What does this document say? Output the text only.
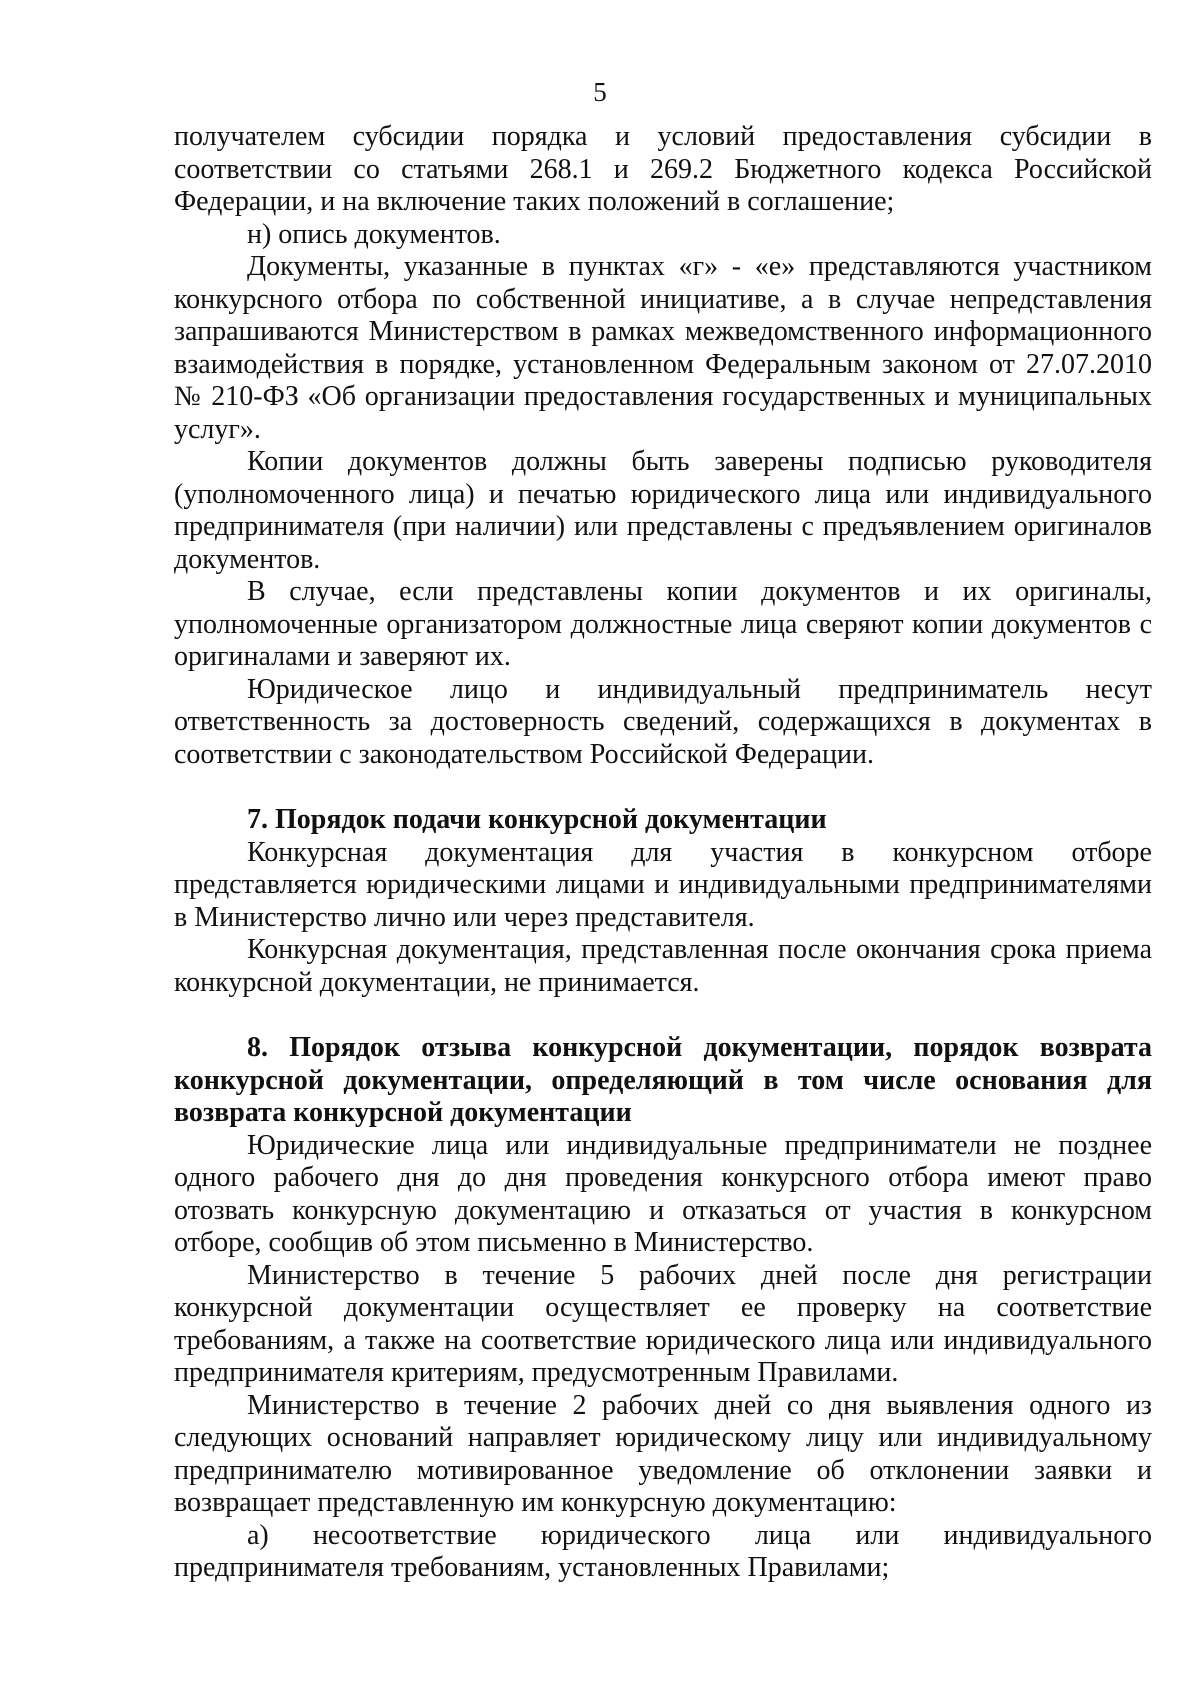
5

получателем субсидии порядка и условий предоставления субсидии в соответствии со статьями 268.1 и 269.2 Бюджетного кодекса Российской Федерации, и на включение таких положений в соглашение;

н) опись документов.

Документы, указанные в пунктах «г» - «е» представляются участником конкурсного отбора по собственной инициативе, а в случае непредставления запрашиваются Министерством в рамках межведомственного информационного взаимодействия в порядке, установленном Федеральным законом от 27.07.2010 № 210-ФЗ «Об организации предоставления государственных и муниципальных услуг».

Копии документов должны быть заверены подписью руководителя (уполномоченного лица) и печатью юридического лица или индивидуального предпринимателя (при наличии) или представлены с предъявлением оригиналов документов.

В случае, если представлены копии документов и их оригиналы, уполномоченные организатором должностные лица сверяют копии документов с оригиналами и заверяют их.

Юридическое лицо и индивидуальный предприниматель несут ответственность за достоверность сведений, содержащихся в документах в соответствии с законодательством Российской Федерации.

7. Порядок подачи конкурсной документации

Конкурсная документация для участия в конкурсном отборе представляется юридическими лицами и индивидуальными предпринимателями в Министерство лично или через представителя.

Конкурсная документация, представленная после окончания срока приема конкурсной документации, не принимается.

8. Порядок отзыва конкурсной документации, порядок возврата конкурсной документации, определяющий в том числе основания для возврата конкурсной документации

Юридические лица или индивидуальные предприниматели не позднее одного рабочего дня до дня проведения конкурсного отбора имеют право отозвать конкурсную документацию и отказаться от участия в конкурсном отборе, сообщив об этом письменно в Министерство.

Министерство в течение 5 рабочих дней после дня регистрации конкурсной документации осуществляет ее проверку на соответствие требованиям, а также на соответствие юридического лица или индивидуального предпринимателя критериям, предусмотренным Правилами.

Министерство в течение 2 рабочих дней со дня выявления одного из следующих оснований направляет юридическому лицу или индивидуальному предпринимателю мотивированное уведомление об отклонении заявки и возвращает представленную им конкурсную документацию:

а) несоответствие юридического лица или индивидуального предпринимателя требованиям, установленных Правилами;
